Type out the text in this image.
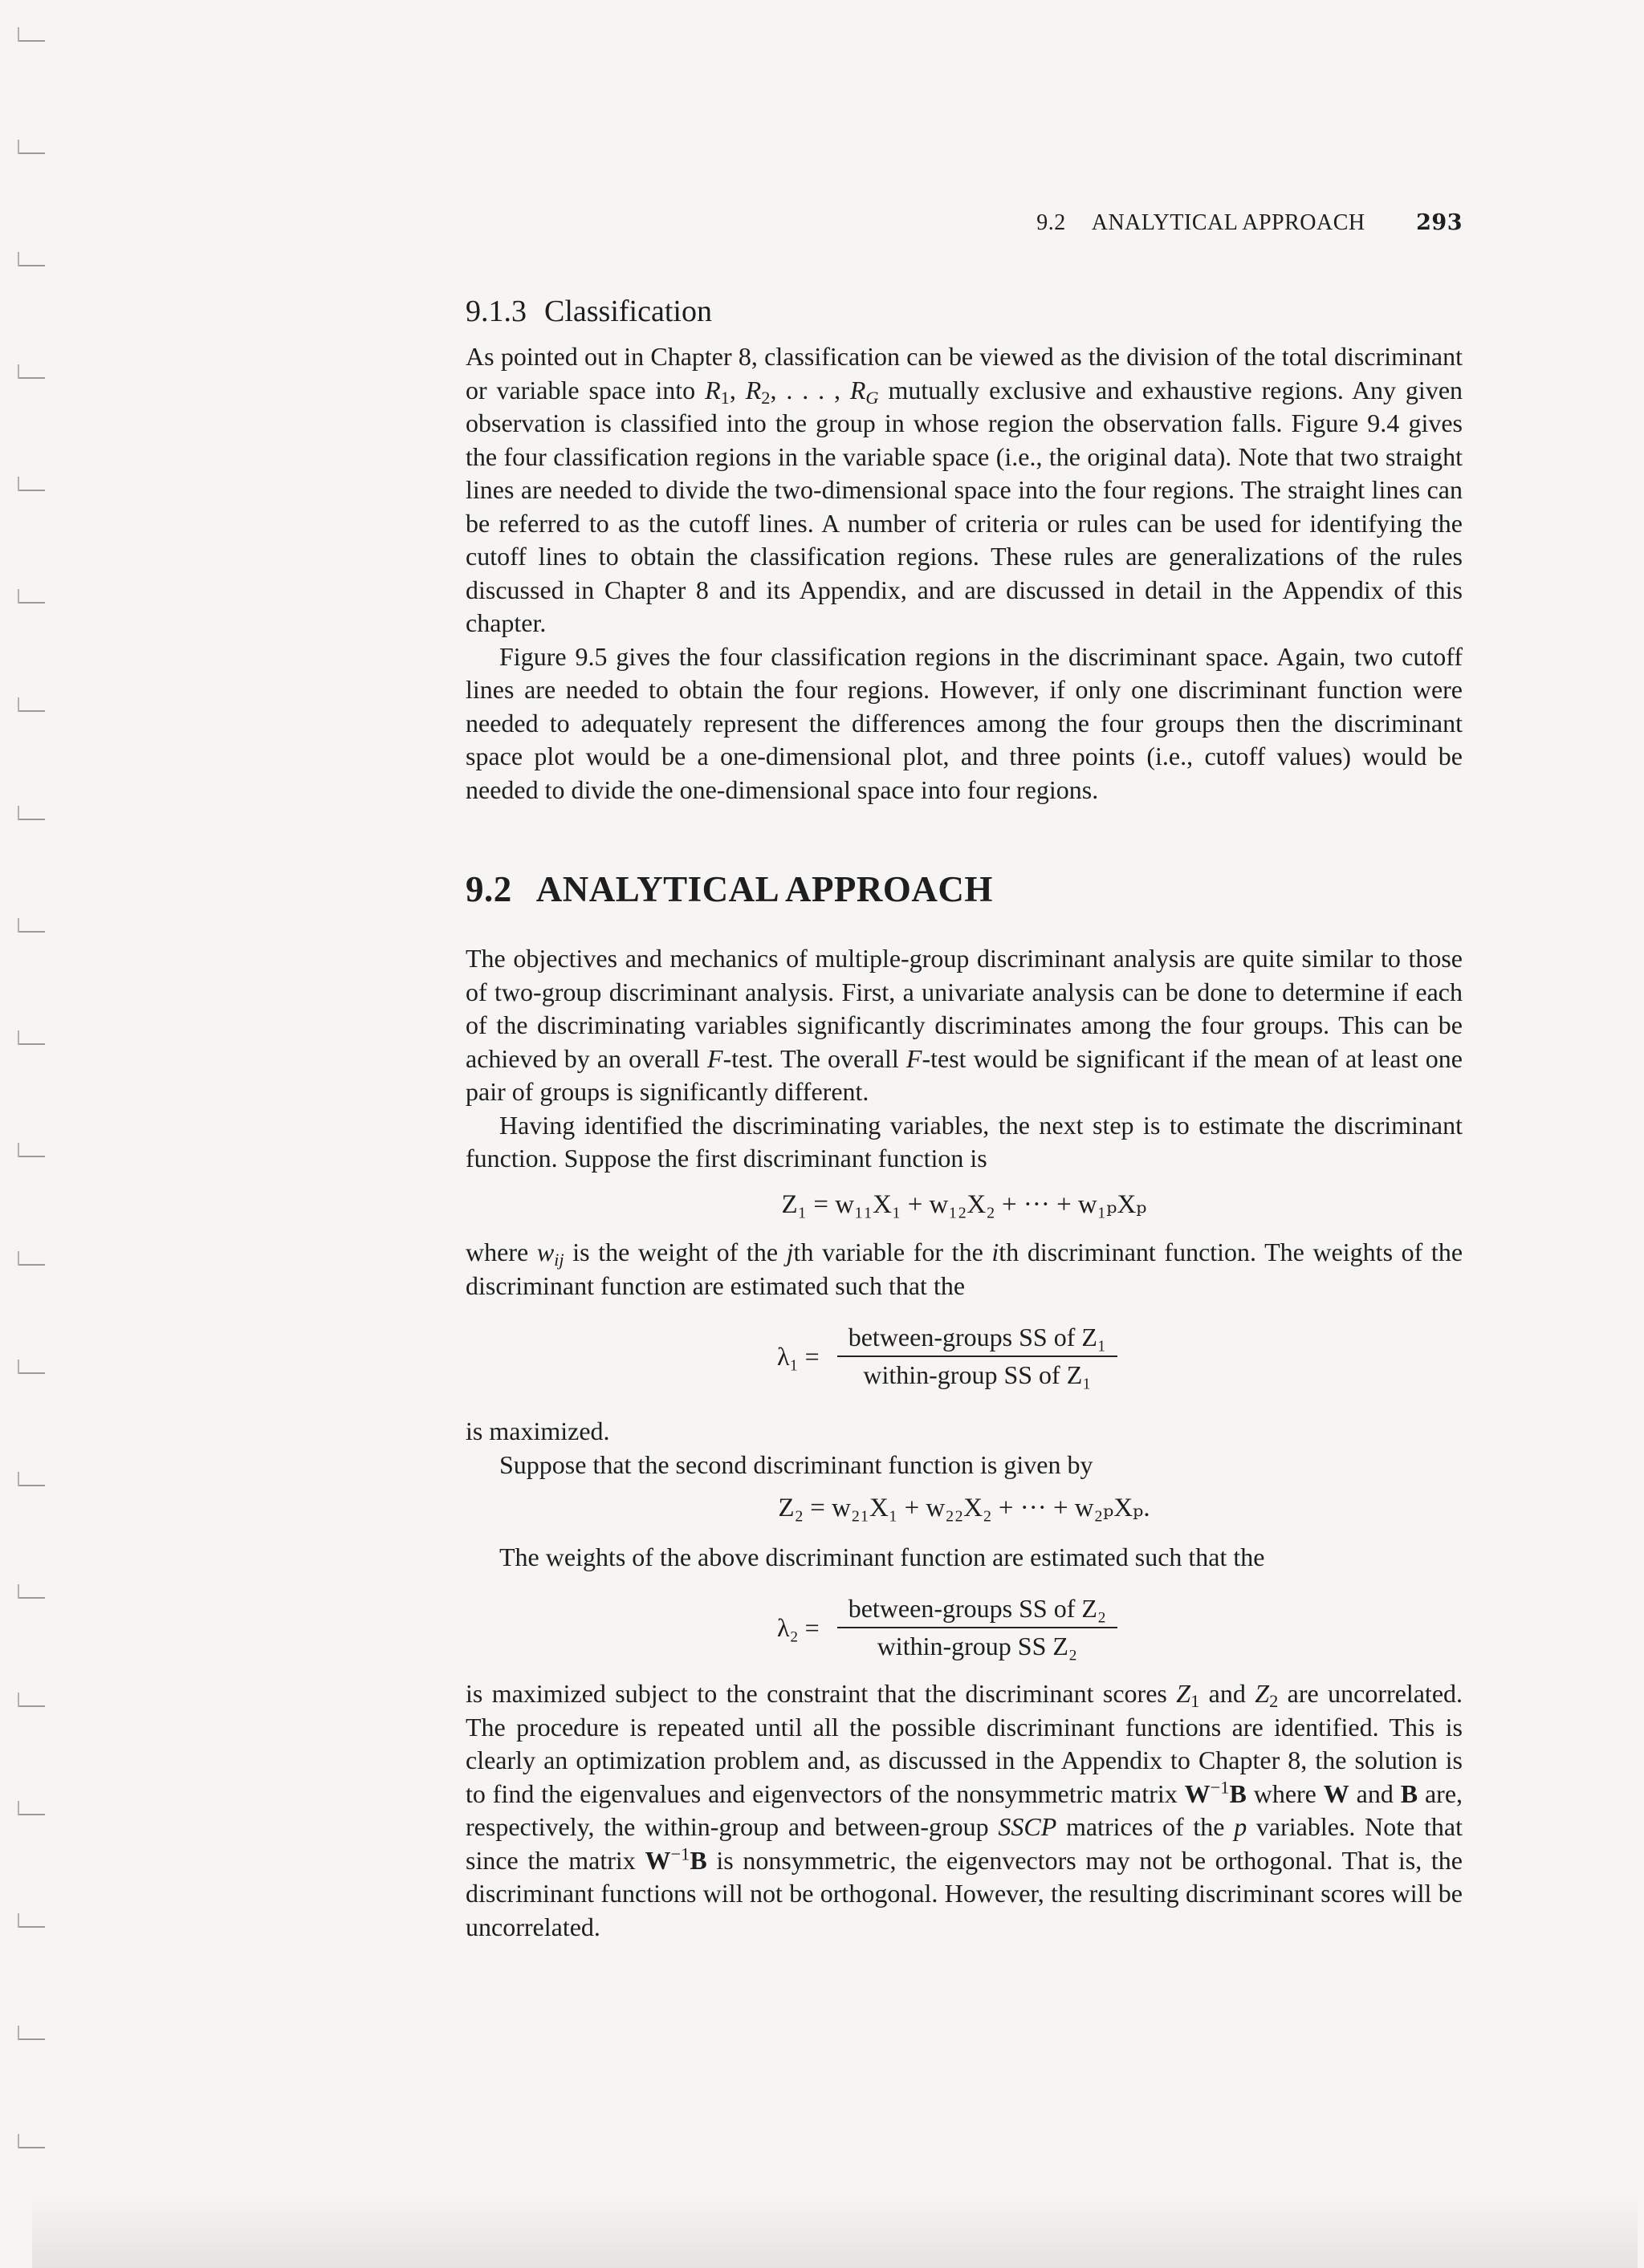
9.2 ANALYTICAL APPROACH 293
9.1.3 Classification

As pointed out in Chapter 8, classification can be viewed as the division of the total discriminant or variable space into $R_1$, $R_2$, . . . , $R_G$ mutually exclusive and exhaustive regions. Any given observation is classified into the group in whose region the observation falls. Figure 9.4 gives the four classification regions in the variable space (i.e., the original data). Note that two straight lines are needed to divide the two-dimensional space into the four regions. The straight lines can be referred to as the cutoff lines. A number of criteria or rules can be used for identifying the cutoff lines to obtain the classification regions. These rules are generalizations of the rules discussed in Chapter 8 and its Appendix, and are discussed in detail in the Appendix of this chapter.

Figure 9.5 gives the four classification regions in the discriminant space. Again, two cutoff lines are needed to obtain the four regions. However, if only one discriminant function were needed to adequately represent the differences among the four groups then the discriminant space plot would be a one-dimensional plot, and three points (i.e., cutoff values) would be needed to divide the one-dimensional space into four regions.

9.2 ANALYTICAL APPROACH

The objectives and mechanics of multiple-group discriminant analysis are quite similar to those of two-group discriminant analysis. First, a univariate analysis can be done to determine if each of the discriminating variables significantly discriminates among the four groups. This can be achieved by an overall F-test. The overall F-test would be significant if the mean of at least one pair of groups is significantly different.

Having identified the discriminating variables, the next step is to estimate the discriminant function. Suppose the first discriminant function is

Z₁ = w₁₁X₁ + w₁₂X₂ + ··· + w₁ₚXₚ

where $w_{ij}$ is the weight of the jth variable for the ith discriminant function. The weights of the discriminant function are estimated such that the

$\lambda_1 = \frac{\text{between-groups SS of Z₁}}{\text{within-group SS of Z₁}}$

is maximized.

Suppose that the second discriminant function is given by

Z₂ = w₂₁X₁ + w₂₂X₂ + ··· + w₂ₚXₚ.

The weights of the above discriminant function are estimated such that the

$\lambda_2 = \frac{\text{between-groups SS of Z₂}}{\text{within-group SS Z₂}}$

is maximized subject to the constraint that the discriminant scores $Z_1$ and $Z_2$ are uncorrelated. The procedure is repeated until all the possible discriminant functions are identified. This is clearly an optimization problem and, as discussed in the Appendix to Chapter 8, the solution is to find the eigenvalues and eigenvectors of the nonsymmetric matrix $W^{-1}B$ where W and B are, respectively, the within-group and between-group SSCP matrices of the p variables. Note that since the matrix $W^{-1}B$ is nonsymmetric, the eigenvectors may not be orthogonal. That is, the discriminant functions will not be orthogonal. However, the resulting discriminant scores will be uncorrelated.
